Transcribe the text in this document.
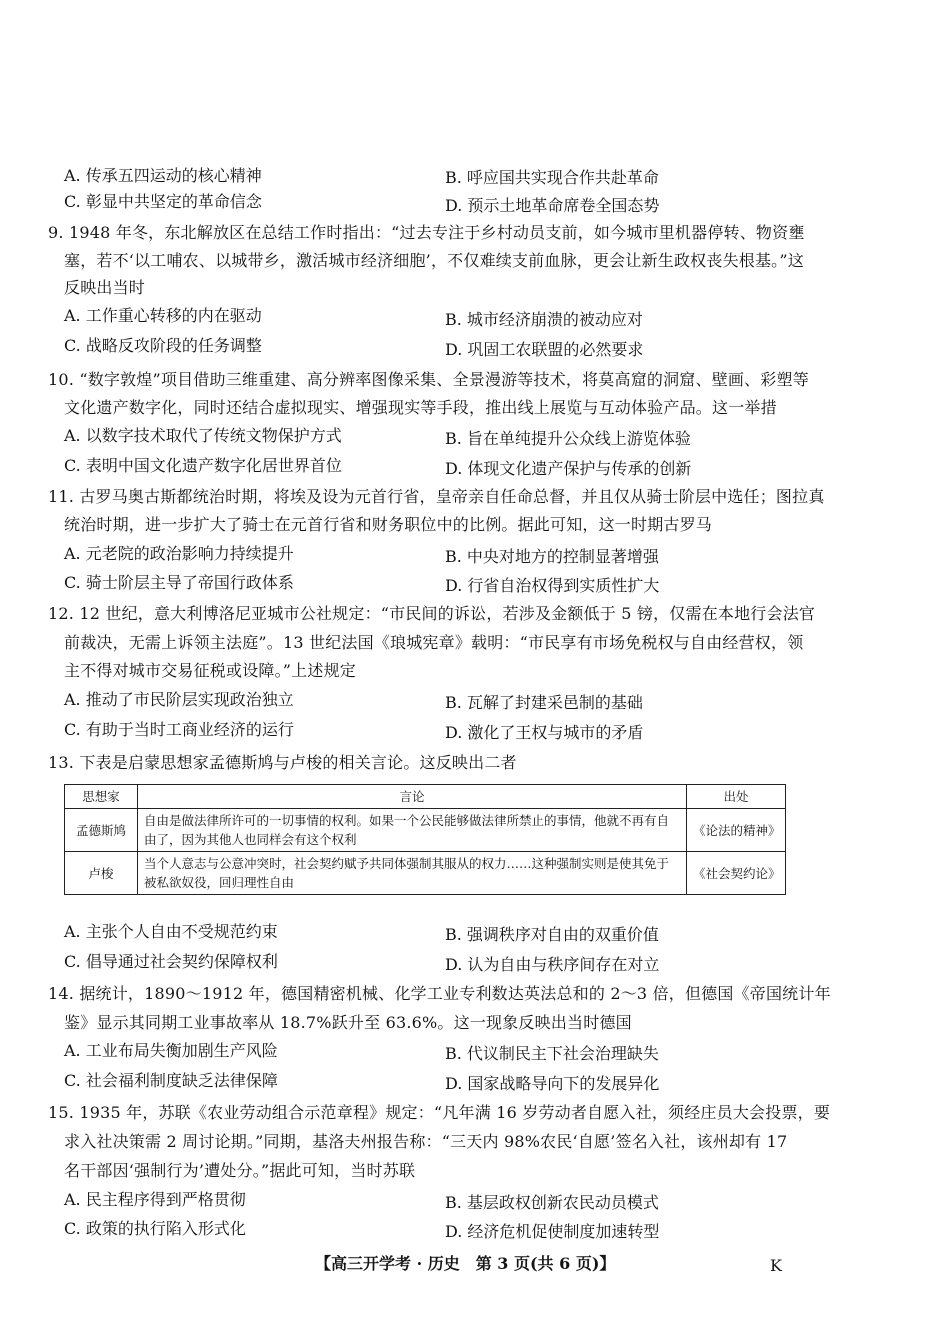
A. 传承五四运动的核心精神	B. 呼应国共实现合作共赴革命
C. 彰显中共坚定的革命信念	D. 预示土地革命席卷全国态势
9. 1948 年冬，东北解放区在总结工作时指出：“过去专注于乡村动员支前，如今城市里机器停转、物资壅
塞，若不‘以工哺农、以城带乡，激活城市经济细胞’，不仅难续支前血脉，更会让新生政权丧失根基。”这
反映出当时
A. 工作重心转移的内在驱动	B. 城市经济崩溃的被动应对
C. 战略反攻阶段的任务调整	D. 巩固工农联盟的必然要求
10. “数字敦煌”项目借助三维重建、高分辨率图像采集、全景漫游等技术，将莫高窟的洞窟、壁画、彩塑等
文化遗产数字化，同时还结合虚拟现实、增强现实等手段，推出线上展览与互动体验产品。这一举措
A. 以数字技术取代了传统文物保护方式	B. 旨在单纯提升公众线上游览体验
C. 表明中国文化遗产数字化居世界首位	D. 体现文化遗产保护与传承的创新
11. 古罗马奥古斯都统治时期，将埃及设为元首行省，皇帝亲自任命总督，并且仅从骑士阶层中选任；图拉真
统治时期，进一步扩大了骑士在元首行省和财务职位中的比例。据此可知，这一时期古罗马
A. 元老院的政治影响力持续提升	B. 中央对地方的控制显著增强
C. 骑士阶层主导了帝国行政体系	D. 行省自治权得到实质性扩大
12. 12 世纪，意大利博洛尼亚城市公社规定：“市民间的诉讼，若涉及金额低于 5 镑，仅需在本地行会法官
前裁决，无需上诉领主法庭”。13 世纪法国《琅城宪章》载明：“市民享有市场免税权与自由经营权，领
主不得对城市交易征税或设障。”上述规定
A. 推动了市民阶层实现政治独立	B. 瓦解了封建采邑制的基础
C. 有助于当时工商业经济的运行	D. 激化了王权与城市的矛盾
13. 下表是启蒙思想家孟德斯鸠与卢梭的相关言论。这反映出二者
思想家	言论	出处
孟德斯鸠	自由是做法律所许可的一切事情的权利。如果一个公民能够做法律所禁止的事情，他就不再有自由了，因为其他人也同样会有这个权利	《论法的精神》
卢梭	当个人意志与公意冲突时，社会契约赋予共同体强制其服从的权力……这种强制实则是使其免于被私欲奴役，回归理性自由	《社会契约论》
A. 主张个人自由不受规范约束	B. 强调秩序对自由的双重价值
C. 倡导通过社会契约保障权利	D. 认为自由与秩序间存在对立
14. 据统计，1890～1912 年，德国精密机械、化学工业专利数达英法总和的 2～3 倍，但德国《帝国统计年
鉴》显示其同期工业事故率从 18.7%跃升至 63.6%。这一现象反映出当时德国
A. 工业布局失衡加剧生产风险	B. 代议制民主下社会治理缺失
C. 社会福利制度缺乏法律保障	D. 国家战略导向下的发展异化
15. 1935 年，苏联《农业劳动组合示范章程》规定：“凡年满 16 岁劳动者自愿入社，须经庄员大会投票，要
求入社决策需 2 周讨论期。”同期，基洛夫州报告称：“三天内 98%农民‘自愿’签名入社，该州却有 17
名干部因‘强制行为’遭处分。”据此可知，当时苏联
A. 民主程序得到严格贯彻	B. 基层政权创新农民动员模式
C. 政策的执行陷入形式化	D. 经济危机促使制度加速转型
【高三开学考 · 历史　第 3 页(共 6 页)】	K
